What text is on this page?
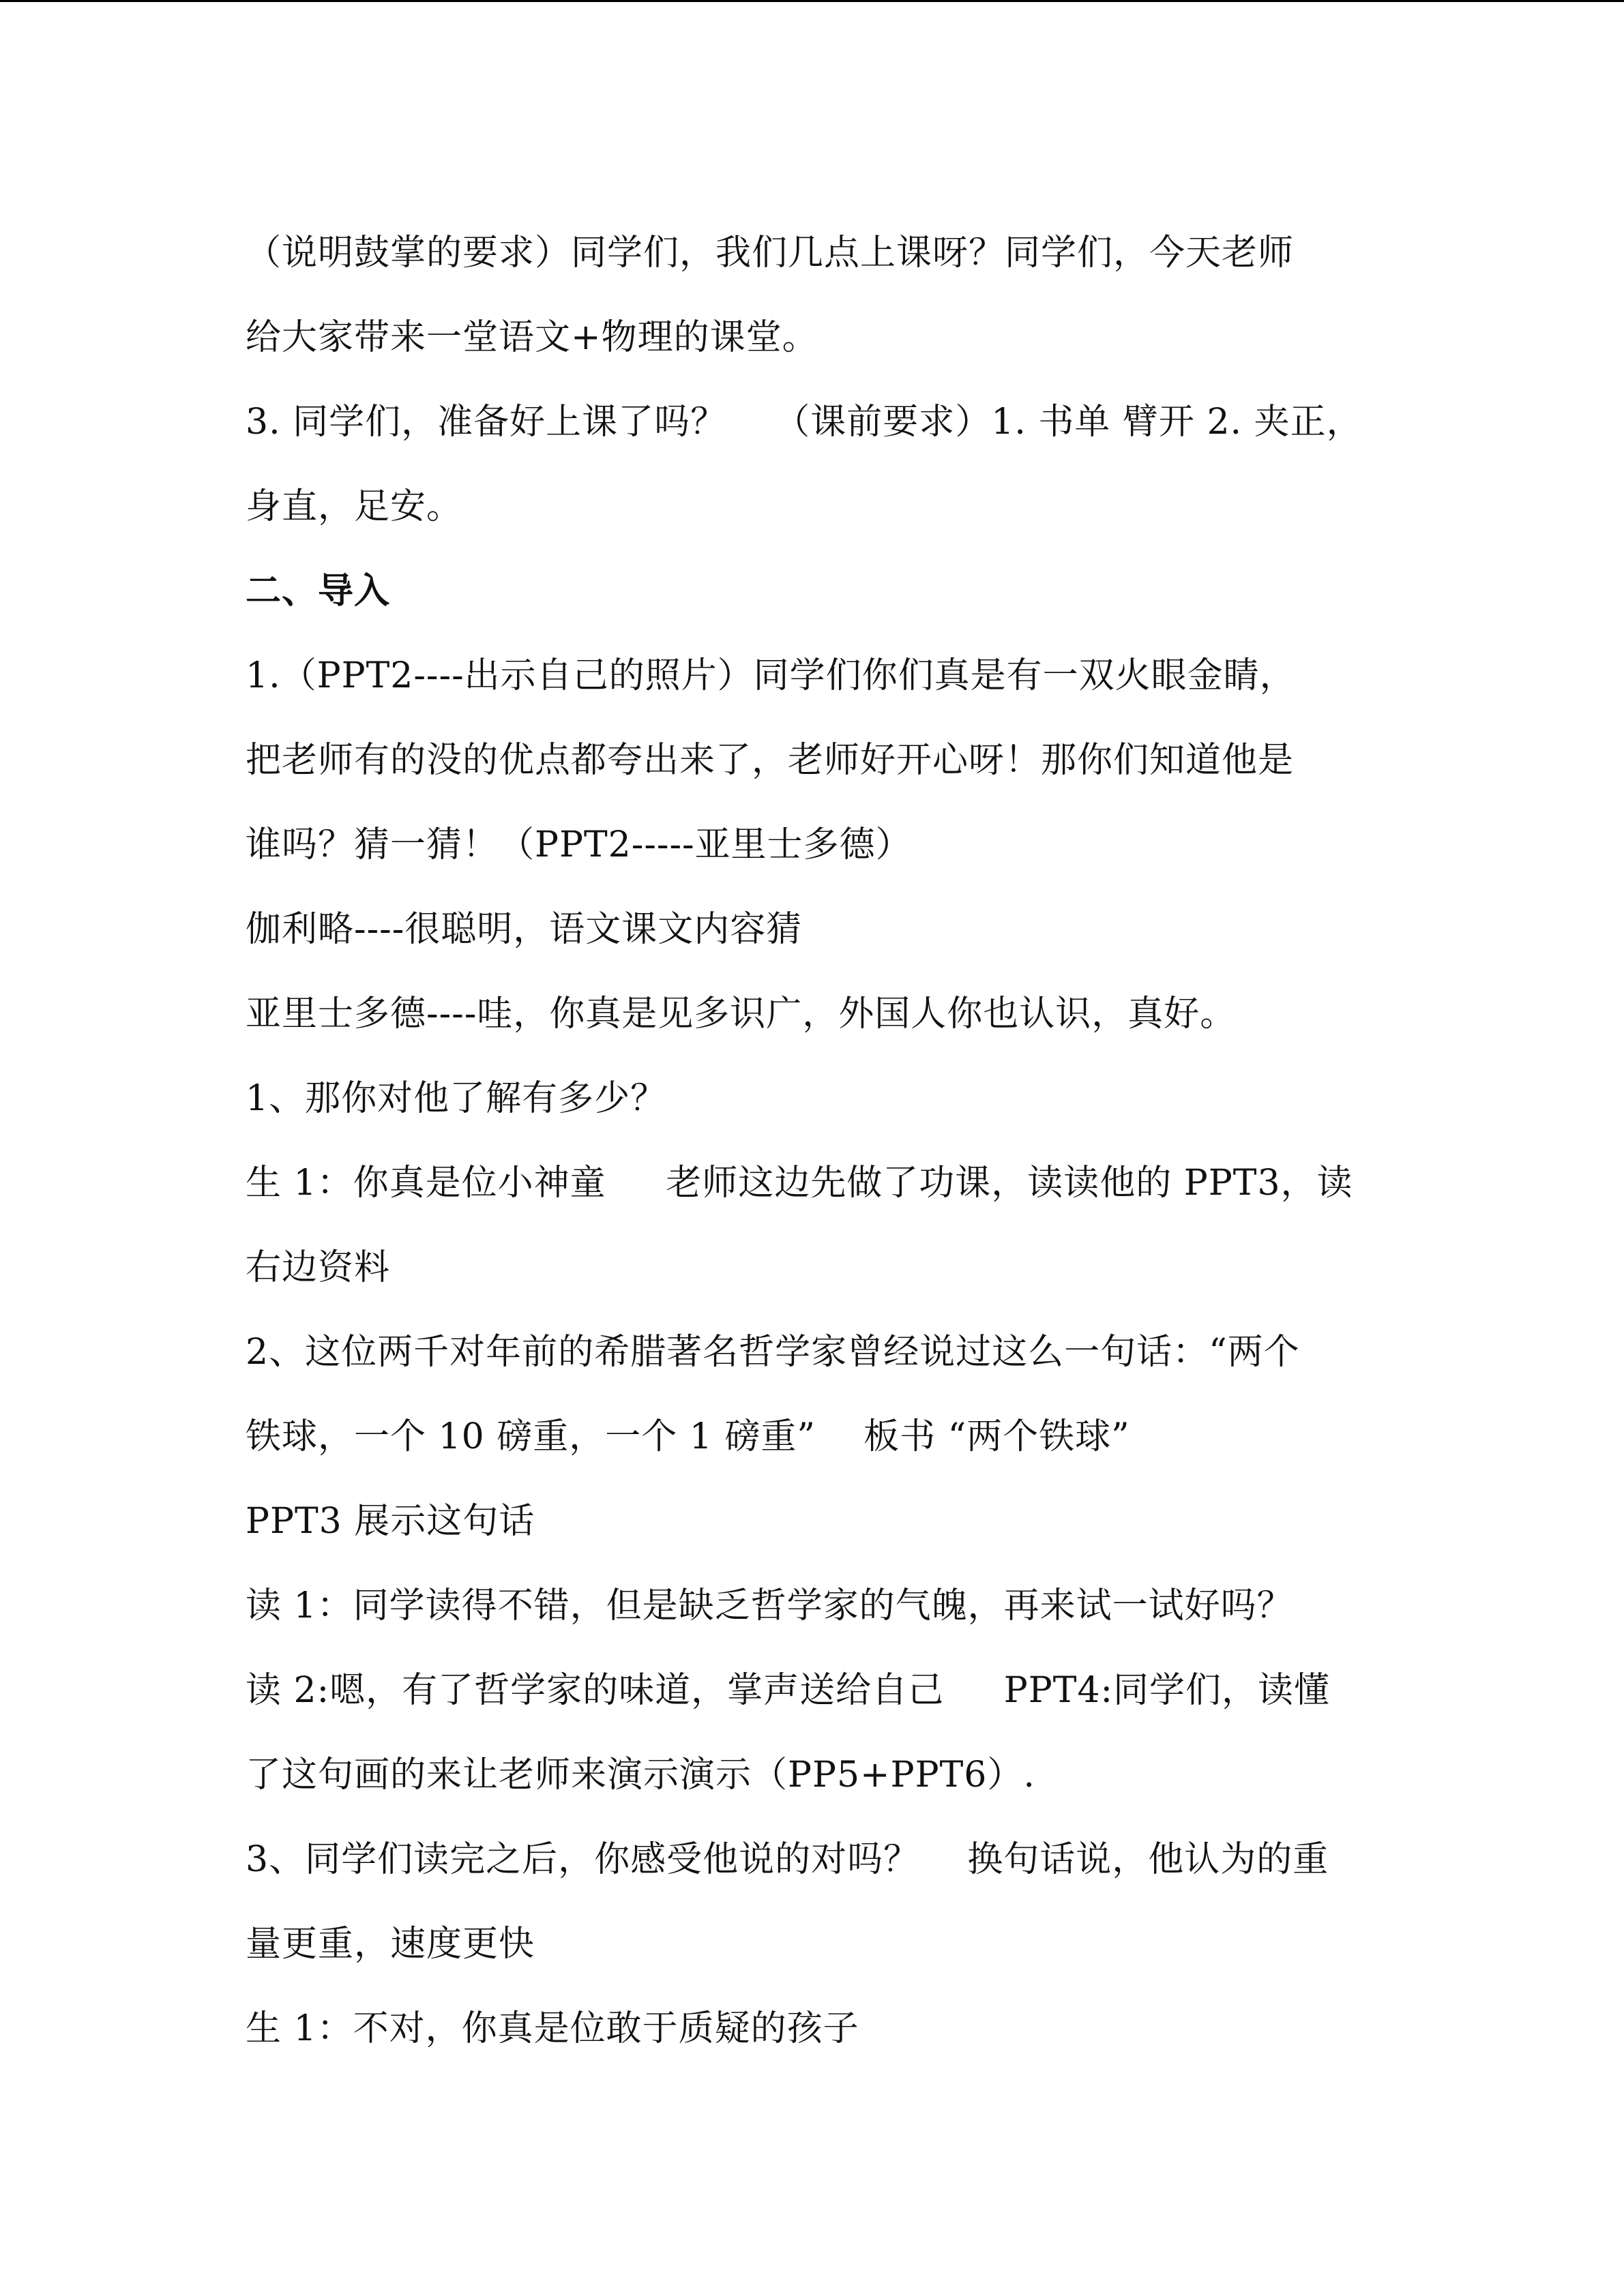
（说明鼓掌的要求）同学们，我们几点上课呀？同学们，今天老师
给大家带来一堂语文+物理的课堂。
3. 同学们，准备好上课了吗？    （课前要求）1. 书单 臂开 2. 夹正，
身直，足安。
二、导入
1.（PPT2----出示自己的照片）同学们你们真是有一双火眼金睛，
把老师有的没的优点都夸出来了，老师好开心呀！那你们知道他是
谁吗？猜一猜！（PPT2-----亚里士多德）
伽利略----很聪明，语文课文内容猜
亚里士多德----哇，你真是见多识广，外国人你也认识，真好。
1、那你对他了解有多少？
生 1：你真是位小神童     老师这边先做了功课，读读他的 PPT3，读
右边资料
2、这位两千对年前的希腊著名哲学家曾经说过这么一句话：“两个
铁球，一个 10 磅重，一个 1 磅重”    板书 “两个铁球”
PPT3 展示这句话
读 1：同学读得不错，但是缺乏哲学家的气魄，再来试一试好吗？
读 2:嗯，有了哲学家的味道，掌声送给自己     PPT4:同学们，读懂
了这句画的来让老师来演示演示（PP5+PPT6）.
3、同学们读完之后，你感受他说的对吗？    换句话说，他认为的重
量更重，速度更快
生 1：不对，你真是位敢于质疑的孩子
